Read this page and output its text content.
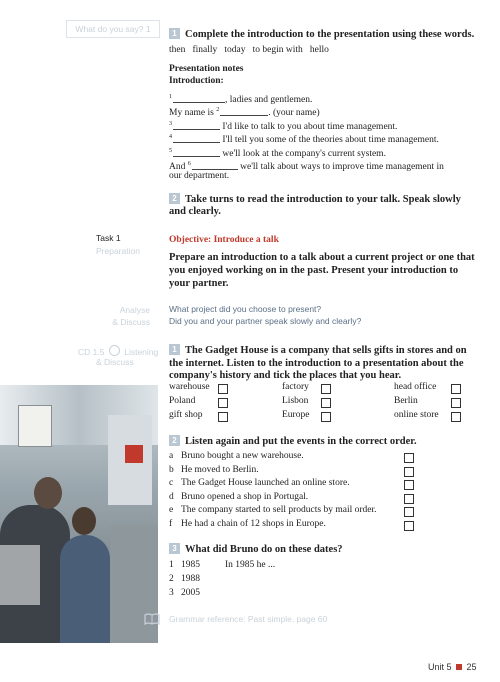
What do you say? 1
Task 1
Preparation
Analyse
& Discuss
CD 1.5 Listening
& Discuss
1 Complete the introduction to the presentation using these words.
then finally today to begin with hello
Presentation notes
Introduction:
$^1$	, ladies and gentlemen.
My name is $^2$	. (your name)
$^3$	I'd like to talk to you about time management.
$^4$	I'll tell you some of the theories about time management.
$^5$	we'll look at the company's current system.
And $^6$	we'll talk about ways to improve time management in
our department.
2 Take turns to read the introduction to your talk. Speak slowly
and clearly.
Objective: Introduce a talk
Prepare an introduction to a talk about a current project or one that
you enjoyed working on in the past. Present your introduction to
your partner.
What project did you choose to present?
Did you and your partner speak slowly and clearly?
1 The Gadget House is a company that sells gifts in stores and on
the internet. Listen to the introduction to a presentation about the
company's history and tick the places that you hear.
warehouse	factory	head office
Poland	Lisbon	Berlin
gift shop	Europe	online store
2 Listen again and put the events in the correct order.
a Bruno bought a new warehouse.
b He moved to Berlin.
c The Gadget House launched an online store.
d Bruno opened a shop in Portugal.
e The company started to sell products by mail order.
f He had a chain of 12 shops in Europe.
3 What did Bruno do on these dates?
1 1985	In 1985 he ...
2 1988
3 2005
Grammar reference: Past simple, page 60
Unit 5 25
